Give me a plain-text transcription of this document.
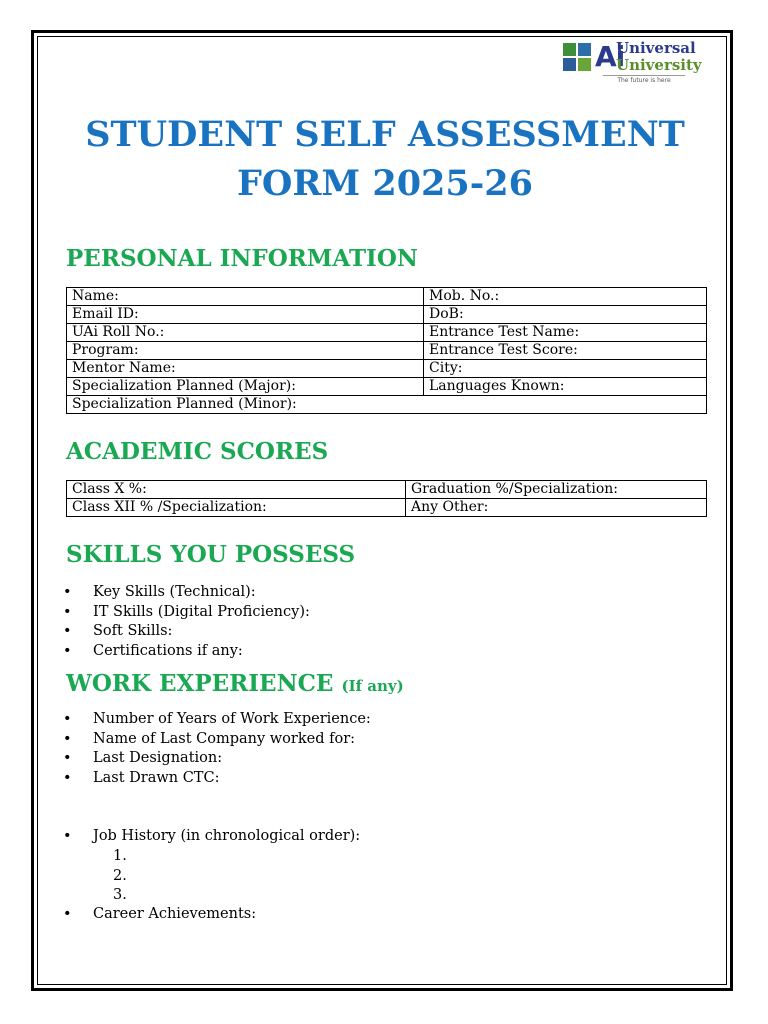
Ai
Universal
University
The future is here
STUDENT SELF ASSESSMENT
FORM 2025-26
PERSONAL INFORMATION
Name:	Mob. No.:
Email ID:	DoB:
UAi Roll No.:	Entrance Test Name:
Program:	Entrance Test Score:
Mentor Name:	City:
Specialization Planned (Major):	Languages Known:
Specialization Planned (Minor):	
ACADEMIC SCORES
Class X %:	Graduation %/Specialization:
Class XII % /Specialization:	Any Other:
SKILLS YOU POSSESS
• Key Skills (Technical):
• IT Skills (Digital Proficiency):
• Soft Skills:
• Certifications if any:
WORK EXPERIENCE (If any)
• Number of Years of Work Experience:
• Name of Last Company worked for:
• Last Designation:
• Last Drawn CTC:
• Job History (in chronological order):
1.
2.
3.
• Career Achievements:
